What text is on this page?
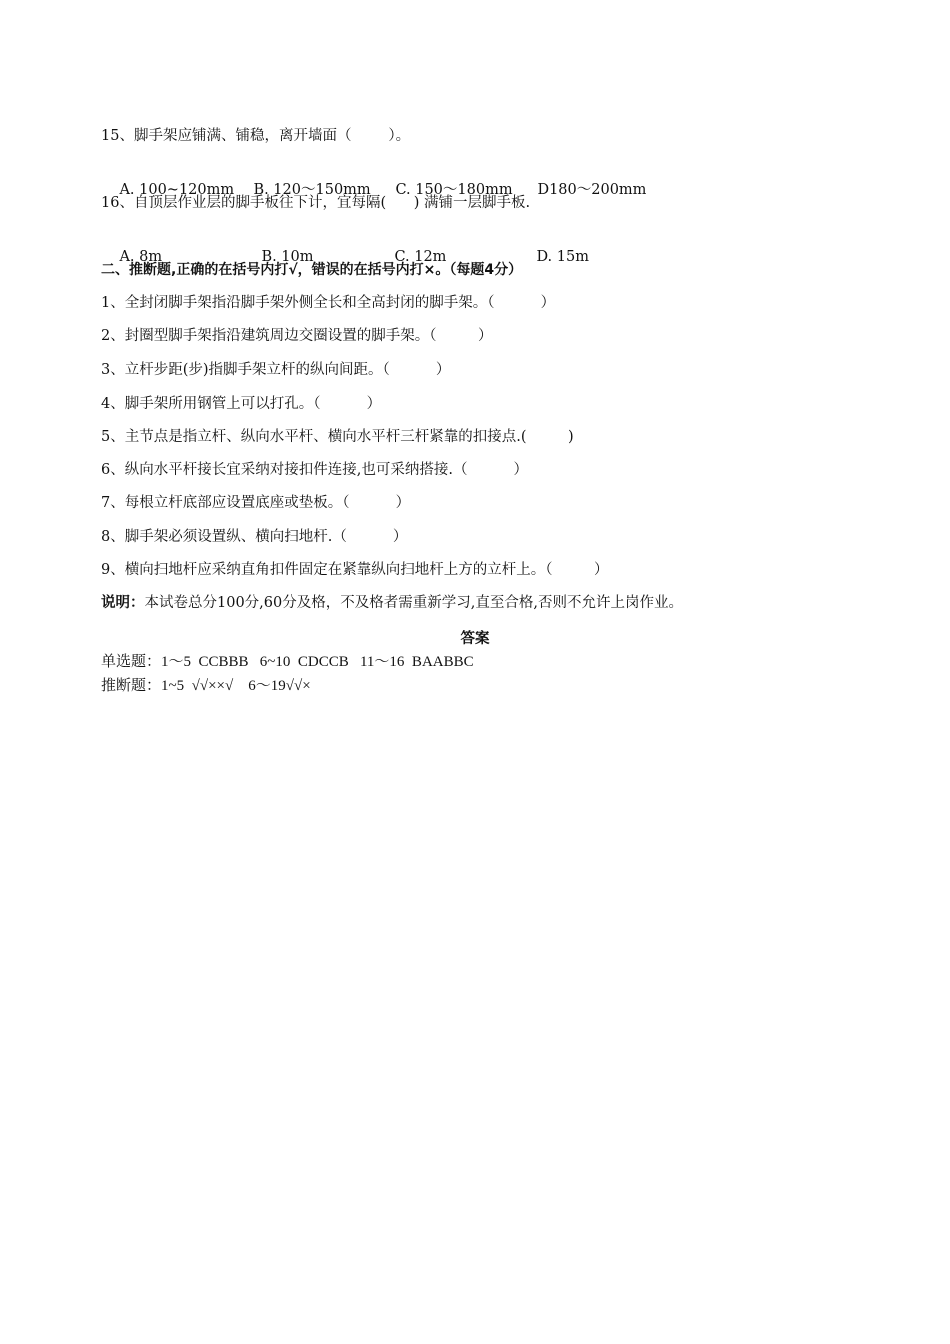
15、脚手架应铺满、铺稳，离开墙面（        ）。

A. 100~120mm B. 120～150mm C. 150～180mm D180～200mm

16、自顶层作业层的脚手板往下计，宜每隔(      ) 满铺一层脚手板.

A. 8m	B. 10m	C. 12m	D. 15m

二、推断题,正确的在括号内打√，错误的在括号内打×。（每题4分）
1、全封闭脚手架指沿脚手架外侧全长和全高封闭的脚手架。（          ）
2、封圈型脚手架指沿建筑周边交圈设置的脚手架。（         ）
3、立杆步距(步)指脚手架立杆的纵向间距。（          ）
4、脚手架所用钢管上可以打孔。（          ）
5、主节点是指立杆、纵向水平杆、横向水平杆三杆紧靠的扣接点.(         )
6、纵向水平杆接长宜采纳对接扣件连接,也可采纳搭接.（          ）
7、每根立杆底部应设置底座或垫板。（          ）
8、脚手架必须设置纵、横向扫地杆.（          ）
9、横向扫地杆应采纳直角扣件固定在紧靠纵向扫地杆上方的立杆上。（         ）
说明：本试卷总分100分,60分及格，不及格者需重新学习,直至合格,否则不允许上岗作业。
答案
单选题：1～5  CCBBB   6~10  CDCCB   11～16  BAABBC
推断题：1~5  √√××√    6～19√√×
